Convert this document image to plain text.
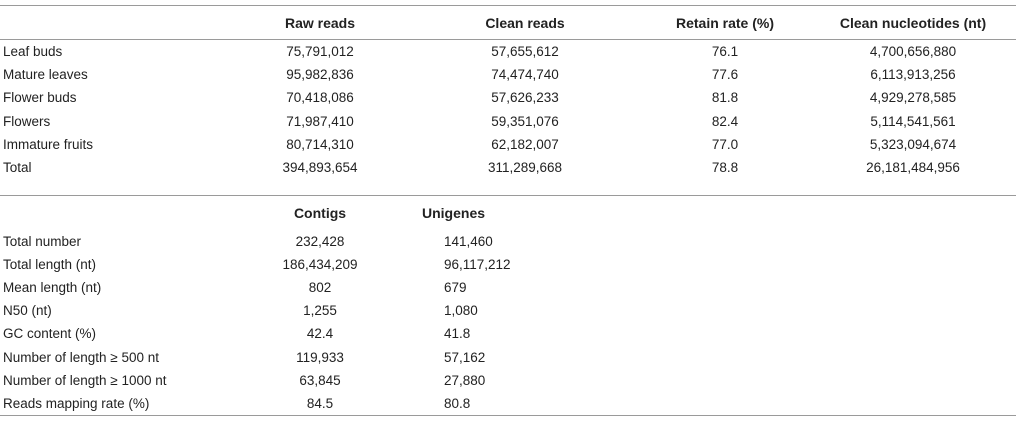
	Raw reads	Clean reads	Retain rate (%)	Clean nucleotides (nt)
Leaf buds	75,791,012	57,655,612	76.1	4,700,656,880
Mature leaves	95,982,836	74,474,740	77.6	6,113,913,256
Flower buds	70,418,086	57,626,233	81.8	4,929,278,585
Flowers	71,987,410	59,351,076	82.4	5,114,541,561
Immature fruits	80,714,310	62,182,007	77.0	5,323,094,674
Total	394,893,654	311,289,668	78.8	26,181,484,956
	Contigs	Unigenes	
Total number	232,428	141,460	
Total length (nt)	186,434,209	96,117,212	
Mean length (nt)	802	679	
N50 (nt)	1,255	1,080	
GC content (%)	42.4	41.8	
Number of length ≥ 500 nt	119,933	57,162	
Number of length ≥ 1000 nt	63,845	27,880	
Reads mapping rate (%)	84.5	80.8	
